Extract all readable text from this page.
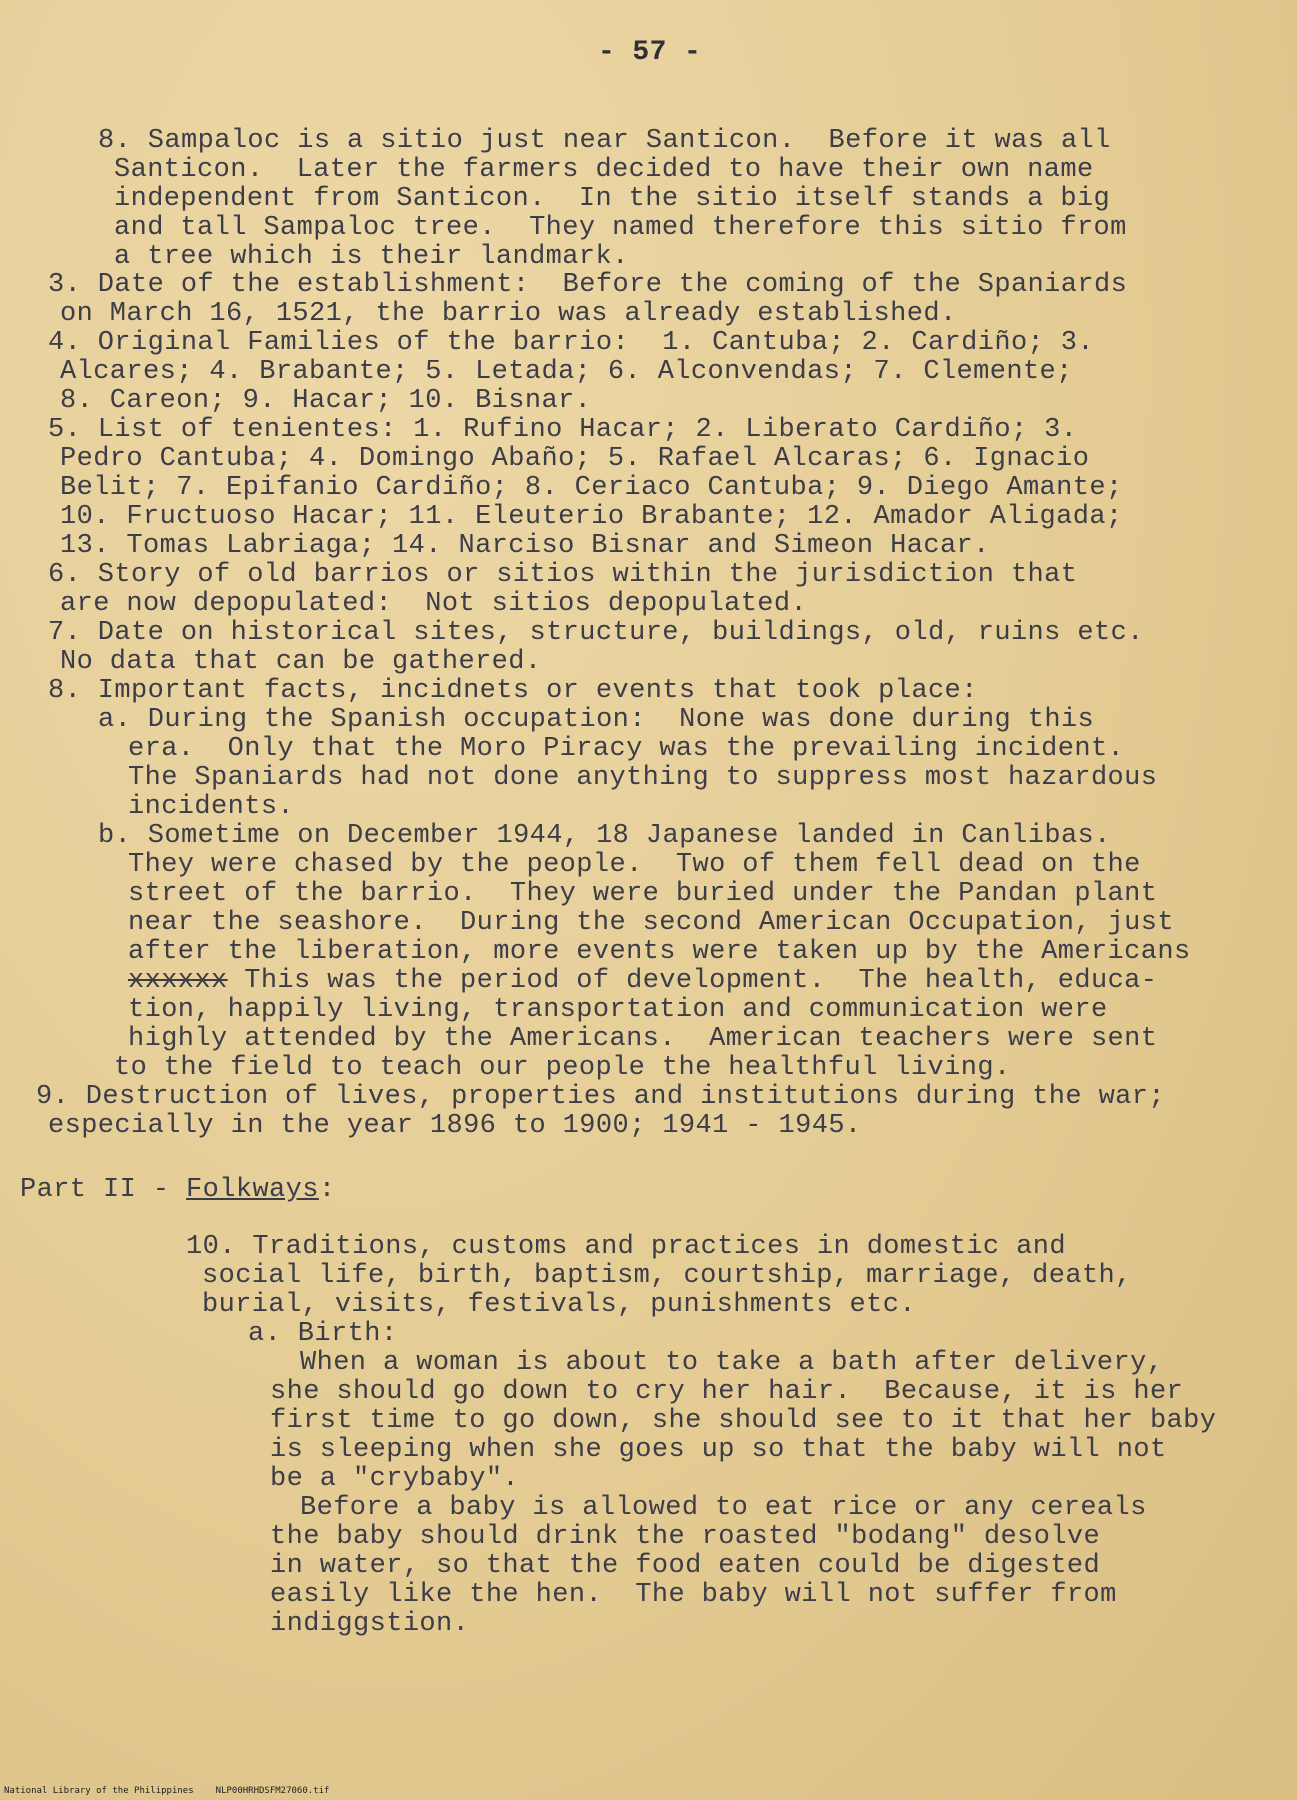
- 57 -
8. Sampaloc is a sitio just near Santicon.  Before it was all
Santicon.  Later the farmers decided to have their own name
independent from Santicon.  In the sitio itself stands a big
and tall Sampaloc tree.  They named therefore this sitio from
a tree which is their landmark.
3. Date of the establishment:  Before the coming of the Spaniards
on March 16, 1521, the barrio was already established.
4. Original Families of the barrio:  1. Cantuba; 2. Cardiño; 3.
Alcares; 4. Brabante; 5. Letada; 6. Alconvendas; 7. Clemente;
8. Careon; 9. Hacar; 10. Bisnar.
5. List of tenientes: 1. Rufino Hacar; 2. Liberato Cardiño; 3.
Pedro Cantuba; 4. Domingo Abaño; 5. Rafael Alcaras; 6. Ignacio
Belit; 7. Epifanio Cardiño; 8. Ceriaco Cantuba; 9. Diego Amante;
10. Fructuoso Hacar; 11. Eleuterio Brabante; 12. Amador Aligada;
13. Tomas Labriaga; 14. Narciso Bisnar and Simeon Hacar.
6. Story of old barrios or sitios within the jurisdiction that
are now depopulated:  Not sitios depopulated.
7. Date on historical sites, structure, buildings, old, ruins etc.
No data that can be gathered.
8. Important facts, incidnets or events that took place:
a. During the Spanish occupation:  None was done during this
era.  Only that the Moro Piracy was the prevailing incident.
The Spaniards had not done anything to suppress most hazardous
incidents.
b. Sometime on December 1944, 18 Japanese landed in Canlibas.
They were chased by the people.  Two of them fell dead on the
street of the barrio.  They were buried under the Pandan plant
near the seashore.  During the second American Occupation, just
after the liberation, more events were taken up by the Americans
xxxxxx This was the period of development.  The health, educa-
tion, happily living, transportation and communication were
highly attended by the Americans.  American teachers were sent
to the field to teach our people the healthful living.
9. Destruction of lives, properties and institutions during the war;
especially in the year 1896 to 1900; 1941 - 1945.
Part II - Folkways:
10. Traditions, customs and practices in domestic and
social life, birth, baptism, courtship, marriage, death,
burial, visits, festivals, punishments etc.
a. Birth:
When a woman is about to take a bath after delivery,
she should go down to cry her hair.  Because, it is her
first time to go down, she should see to it that her baby
is sleeping when she goes up so that the baby will not
be a "crybaby".
Before a baby is allowed to eat rice or any cereals
the baby should drink the roasted "bodang" desolve
in water, so that the food eaten could be digested
easily like the hen.  The baby will not suffer from
indiggstion.
National Library of the Philippines NLP00HRHDSFM27060.tif
